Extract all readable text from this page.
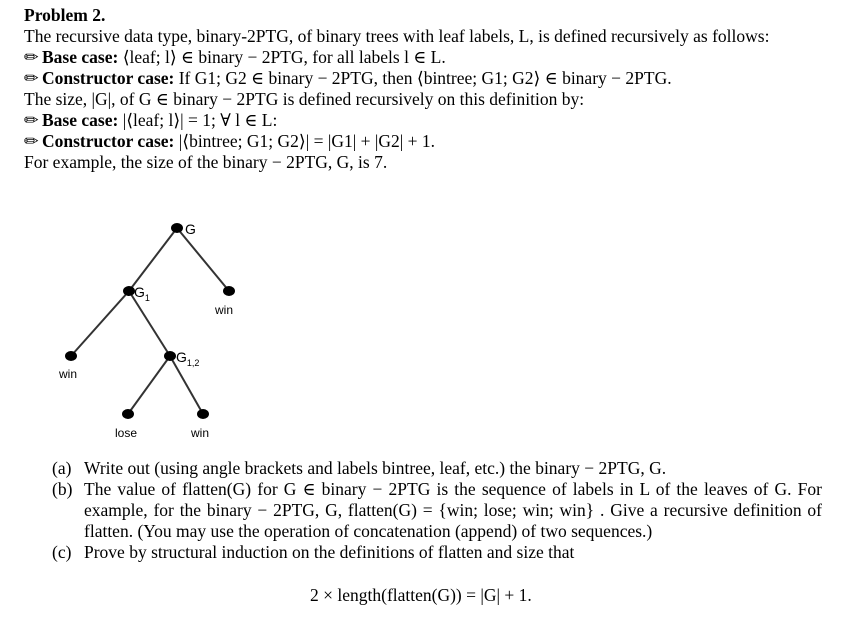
Problem 2.
The recursive data type, binary-2PTG, of binary trees with leaf labels, L, is defined recursively as follows:
✏ Base case: ⟨leaf; l⟩ ∈ binary − 2PTG, for all labels l ∈ L.
✏ Constructor case: If G1; G2 ∈ binary − 2PTG, then ⟨bintree; G1; G2⟩ ∈ binary − 2PTG.
The size, |G|, of G ∈ binary − 2PTG is defined recursively on this definition by:
✏ Base case: |⟨leaf; l⟩| = 1; ∀ l ∈ L:
✏ Constructor case: |⟨bintree; G1; G2⟩| = |G1| + |G2| + 1.
For example, the size of the binary − 2PTG, G, is 7.
G
$G_1$
win
win
$G_{1,2}$
lose	win
(a) Write out (using angle brackets and labels bintree, leaf, etc.) the binary − 2PTG, G.
(b) The value of flatten(G) for G ∈ binary − 2PTG is the sequence of labels in L of the leaves of G. For example, for the binary − 2PTG, G, flatten(G) = {win; lose; win; win} . Give a recursive definition of flatten. (You may use the operation of concatenation (append) of two sequences.)
(c) Prove by structural induction on the definitions of flatten and size that
2 × length(flatten(G)) = |G| + 1.
